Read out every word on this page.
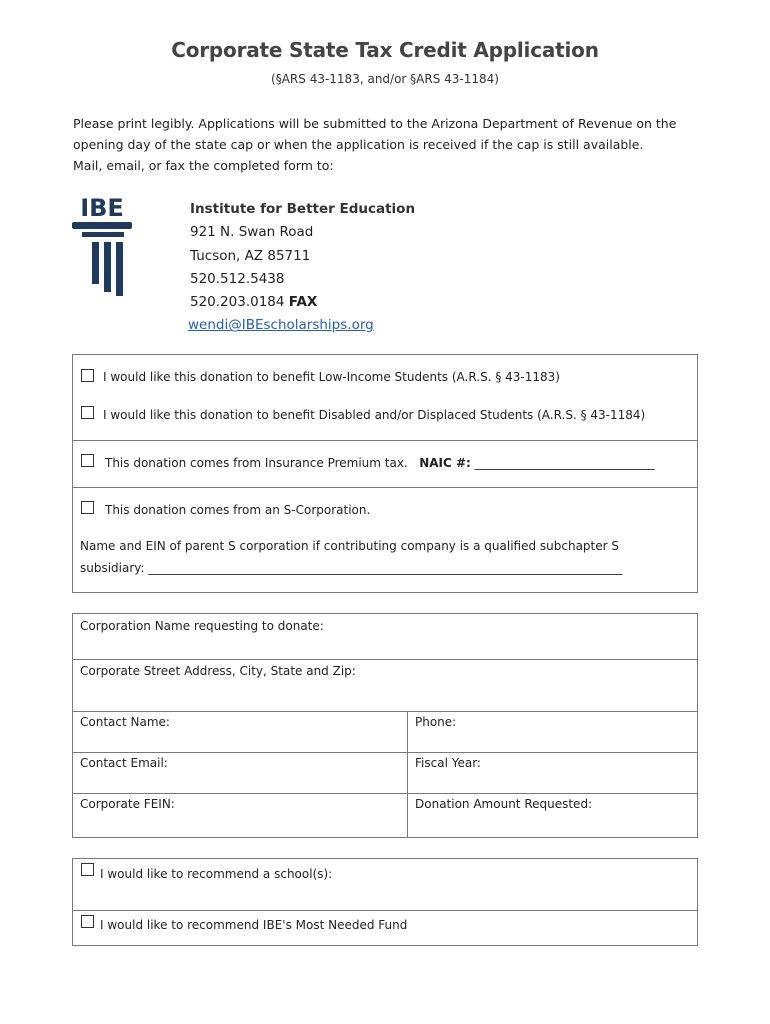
Corporate State Tax Credit Application
(§ARS 43-1183, and/or §ARS 43-1184)

Please print legibly. Applications will be submitted to the Arizona Department of Revenue on the

opening day of the state cap or when the application is received if the cap is still available.

Mail, email, or fax the completed form to:

IBE	Institute for Better Education
921 N. Swan Road
Tucson, AZ 85711
520.512.5438
520.203.0184 FAX
wendi@IBEscholarships.org
I would like this donation to benefit Low-Income Students (A.R.S. § 43-1183)
I would like this donation to benefit Disabled and/or Displaced Students (A.R.S. § 43-1184)
This donation comes from Insurance Premium tax. NAIC #: ______________________________
This donation comes from an S-Corporation.
Name and EIN of parent S corporation if contributing company is a qualified subchapter S
subsidiary: _______________________________________________________________________________
Corporation Name requesting to donate:
Corporate Street Address, City, State and Zip:
Contact Name:	Phone:
Contact Email:	Fiscal Year:
Corporate FEIN:	Donation Amount Requested:
I would like to recommend a school(s):
I would like to recommend IBE's Most Needed Fund
